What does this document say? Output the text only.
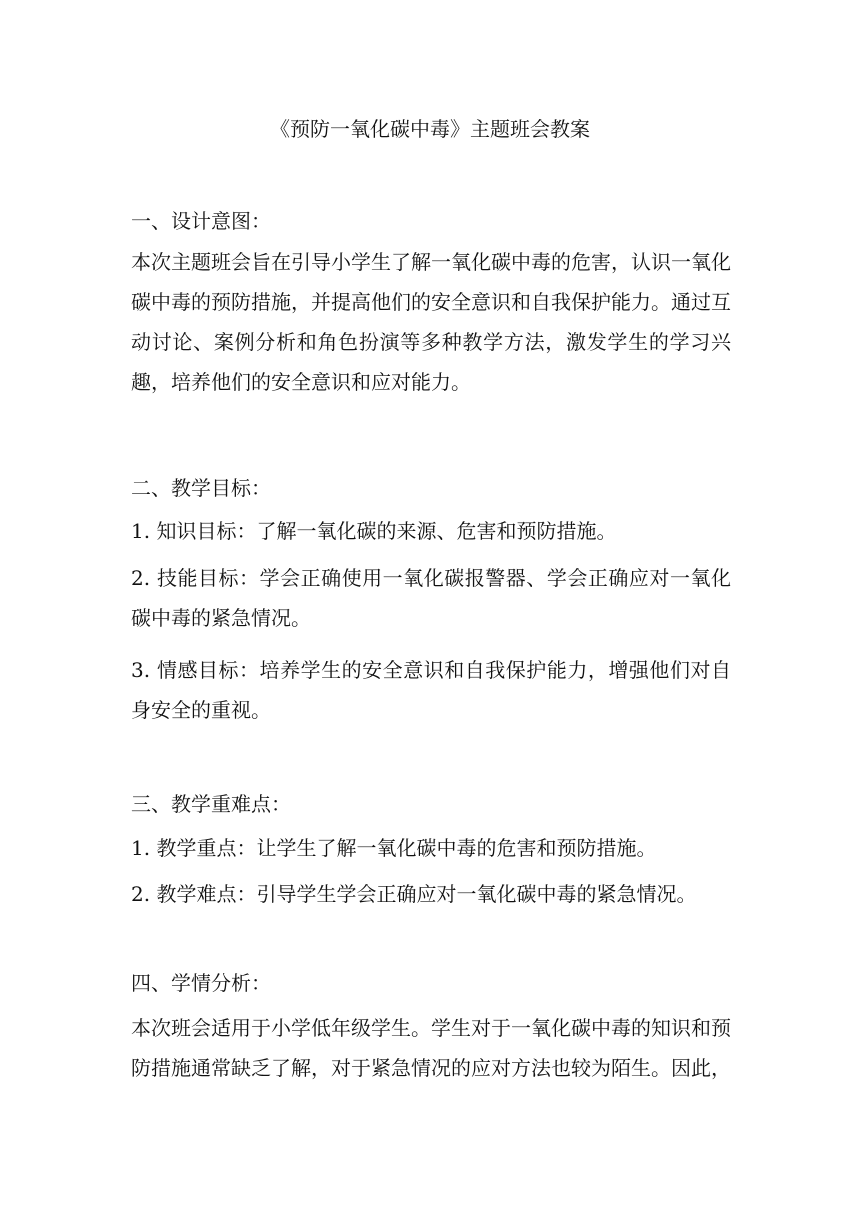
《预防一氧化碳中毒》主题班会教案
一、设计意图：
本次主题班会旨在引导小学生了解一氧化碳中毒的危害，认识一氧化碳中毒的预防措施，并提高他们的安全意识和自我保护能力。通过互动讨论、案例分析和角色扮演等多种教学方法，激发学生的学习兴趣，培养他们的安全意识和应对能力。
二、教学目标：
1. 知识目标：了解一氧化碳的来源、危害和预防措施。
2. 技能目标：学会正确使用一氧化碳报警器、学会正确应对一氧化碳中毒的紧急情况。
3. 情感目标：培养学生的安全意识和自我保护能力，增强他们对自身安全的重视。
三、教学重难点：
1. 教学重点：让学生了解一氧化碳中毒的危害和预防措施。
2. 教学难点：引导学生学会正确应对一氧化碳中毒的紧急情况。
四、学情分析：
本次班会适用于小学低年级学生。学生对于一氧化碳中毒的知识和预防措施通常缺乏了解，对于紧急情况的应对方法也较为陌生。因此，
